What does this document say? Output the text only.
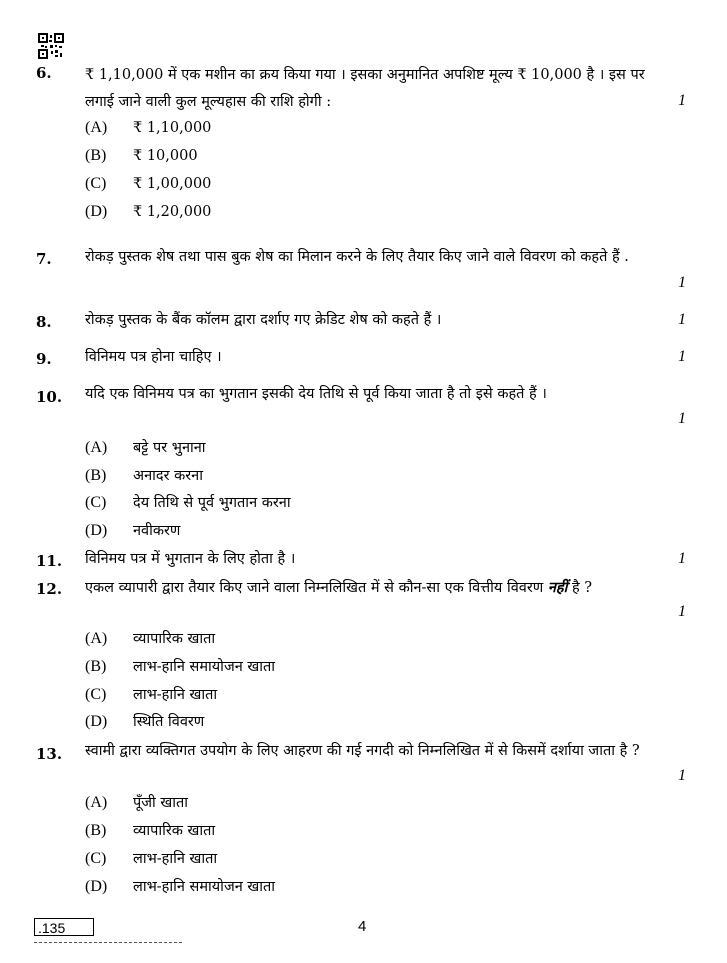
6. ₹ 1,10,000 में एक मशीन का क्रय किया गया । इसका अनुमानित अपशिष्ट मूल्य ₹ 10,000 है । इस पर लगाई जाने वाली कुल मूल्यहास की राशि होगी :	1
(A) ₹ 1,10,000
(B) ₹ 10,000
(C) ₹ 1,00,000
(D) ₹ 1,20,000
7. रोकड़ पुस्तक शेष तथा पास बुक शेष का मिलान करने के लिए तैयार किए जाने वाले विवरण को कहते हैं .
1
8. रोकड़ पुस्तक के बैंक कॉलम द्वारा दर्शाए गए क्रेडिट शेष को कहते हैं ।	1
9. विनिमय पत्र होना चाहिए ।	1
10. यदि एक विनिमय पत्र का भुगतान इसकी देय तिथि से पूर्व किया जाता है तो इसे कहते हैं ।
1
(A) बट्टे पर भुनाना
(B) अनादर करना
(C) देय तिथि से पूर्व भुगतान करना
(D) नवीकरण
11. विनिमय पत्र में भुगतान के लिए होता है ।	1
12. एकल व्यापारी द्वारा तैयार किए जाने वाला निम्नलिखित में से कौन-सा एक वित्तीय विवरण नहीं है ?
1
(A) व्यापारिक खाता
(B) लाभ-हानि समायोजन खाता
(C) लाभ-हानि खाता
(D) स्थिति विवरण
13. स्वामी द्वारा व्यक्तिगत उपयोग के लिए आहरण की गई नगदी को निम्नलिखित में से किसमें दर्शाया जाता है ?
1
(A) पूँजी खाता
(B) व्यापारिक खाता
(C) लाभ-हानि खाता
(D) लाभ-हानि समायोजन खाता
.135	4
